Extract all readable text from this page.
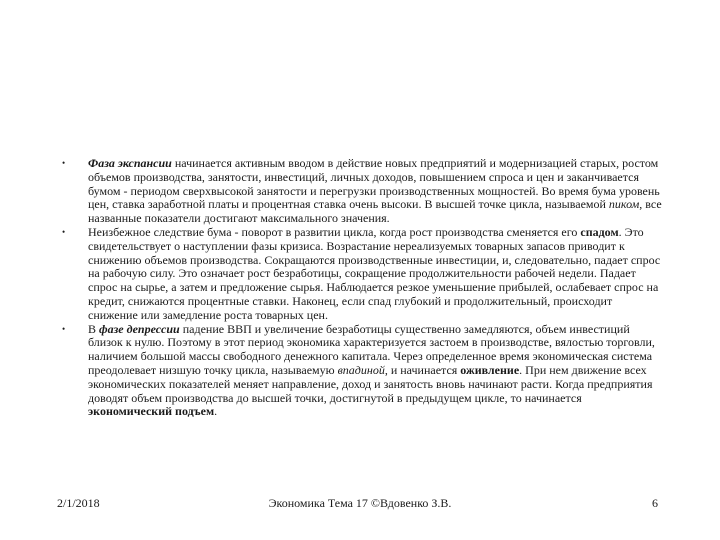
• Фаза экспансии начинается активным вводом в действие новых предприятий и модернизацией старых, ростом объемов производства, занятости, инвестиций, личных доходов, повышением спроса и цен и заканчивается бумом - периодом сверхвысокой занятости и перегрузки производственных мощностей. Во время бума уровень цен, ставка заработной платы и процентная ставка очень высоки. В высшей точке цикла, называемой пиком, все названные показатели достигают максимального значения.
• Неизбежное следствие бума - поворот в развитии цикла, когда рост производства сменяется его спадом. Это свидетельствует о наступлении фазы кризиса. Возрастание нереализуемых товарных запасов приводит к снижению объемов производства. Сокращаются производственные инвестиции, и, следовательно, падает спрос на рабочую силу. Это означает рост безработицы, сокращение продолжительности рабочей недели. Падает спрос на сырье, а затем и предложение сырья. Наблюдается резкое уменьшение прибылей, ослабевает спрос на кредит, снижаются процентные ставки. Наконец, если спад глубокий и продолжительный, происходит снижение или замедление роста товарных цен.
• В фазе депрессии падение ВВП и увеличение безработицы существенно замедляются, объем инвестиций близок к нулю. Поэтому в этот период экономика характеризуется застоем в производстве, вялостью торговли, наличием большой массы свободного денежного капитала. Через определенное время экономическая система преодолевает низшую точку цикла, называемую впадиной, и начинается оживление. При нем движение всех экономических показателей меняет направление, доход и занятость вновь начинают расти. Когда предприятия доводят объем производства до высшей точки, достигнутой в предыдущем цикле, то начинается экономический подъем.
2/1/2018	Экономика Тема 17 ©Вдовенко З.В.	6
